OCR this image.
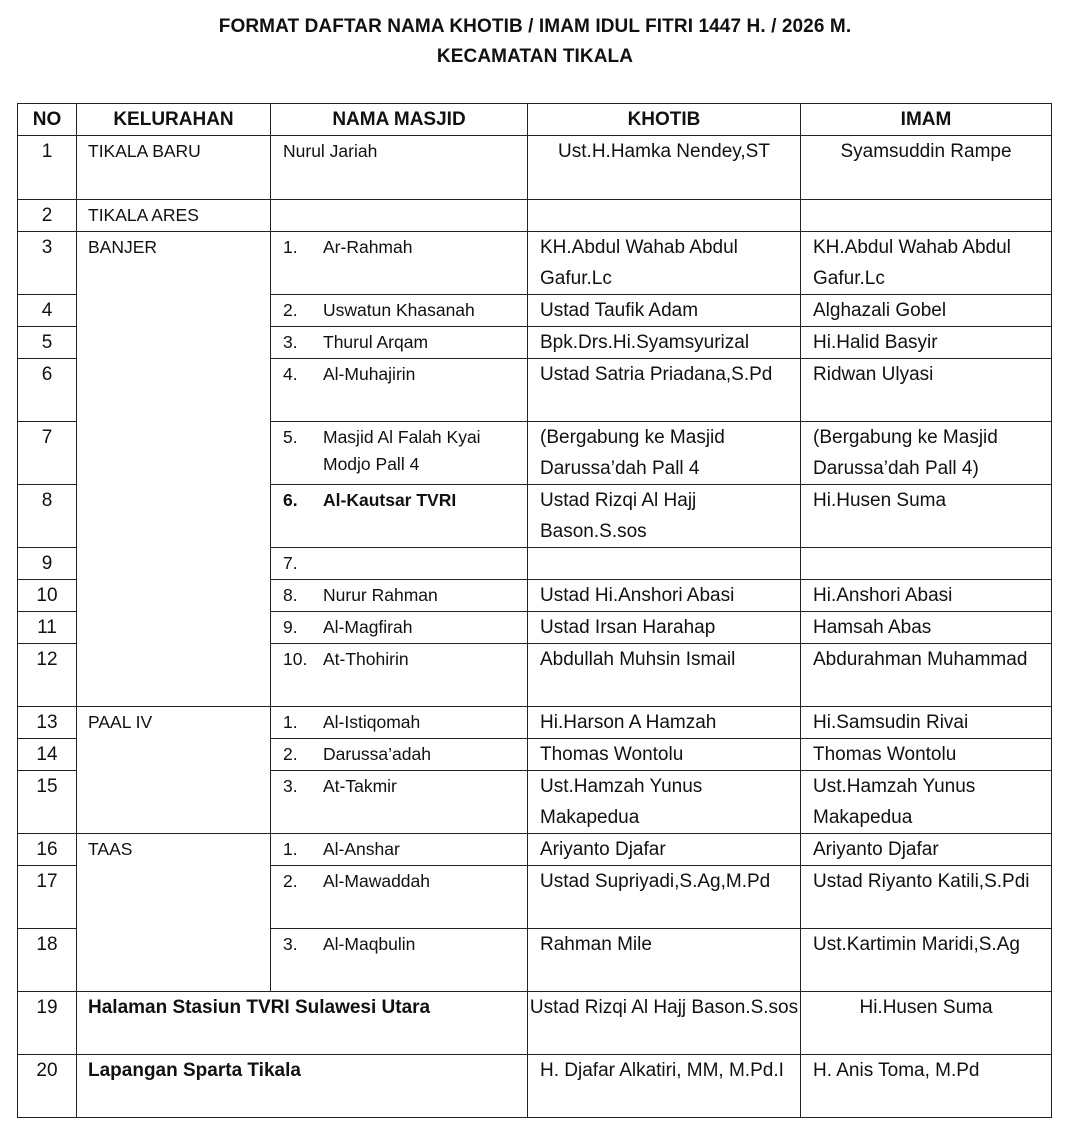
FORMAT DAFTAR NAMA KHOTIB / IMAM IDUL FITRI 1447 H. / 2026 M.
KECAMATAN TIKALA
NO	KELURAHAN	NAMA MASJID	KHOTIB	IMAM
1	TIKALA BARU	Nurul Jariah	Ust.H.Hamka Nendey,ST	Syamsuddin Rampe
2	TIKALA ARES			
3	BANJER	1. Ar-Rahmah	KH.Abdul Wahab Abdul Gafur.Lc	KH.Abdul Wahab Abdul Gafur.Lc
4		2. Uswatun Khasanah	Ustad Taufik Adam	Alghazali Gobel
5		3. Thurul Arqam	Bpk.Drs.Hi.Syamsyurizal	Hi.Halid Basyir
6		4. Al-Muhajirin	Ustad Satria Priadana,S.Pd	Ridwan Ulyasi
7		5. Masjid Al Falah Kyai Modjo Pall 4	(Bergabung ke Masjid Darussa’dah Pall 4	(Bergabung ke Masjid Darussa’dah Pall 4)
8		6. Al-Kautsar TVRI	Ustad Rizqi Al Hajj Bason.S.sos	Hi.Husen Suma
9		7.		
10		8. Nurur Rahman	Ustad Hi.Anshori Abasi	Hi.Anshori Abasi
11		9. Al-Magfirah	Ustad Irsan Harahap	Hamsah Abas
12		10. At-Thohirin	Abdullah Muhsin Ismail	Abdurahman Muhammad
13	PAAL IV	1. Al-Istiqomah	Hi.Harson A Hamzah	Hi.Samsudin Rivai
14		2. Darussa’adah	Thomas Wontolu	Thomas Wontolu
15		3. At-Takmir	Ust.Hamzah Yunus Makapedua	Ust.Hamzah Yunus Makapedua
16	TAAS	1. Al-Anshar	Ariyanto Djafar	Ariyanto Djafar
17		2. Al-Mawaddah	Ustad Supriyadi,S.Ag,M.Pd	Ustad Riyanto Katili,S.Pdi
18		3. Al-Maqbulin	Rahman Mile	Ust.Kartimin Maridi,S.Ag
19	Halaman Stasiun TVRI Sulawesi Utara		Ustad Rizqi Al Hajj Bason.S.sos	Hi.Husen Suma
20	Lapangan Sparta Tikala		H. Djafar Alkatiri, MM, M.Pd.I	H. Anis Toma, M.Pd
